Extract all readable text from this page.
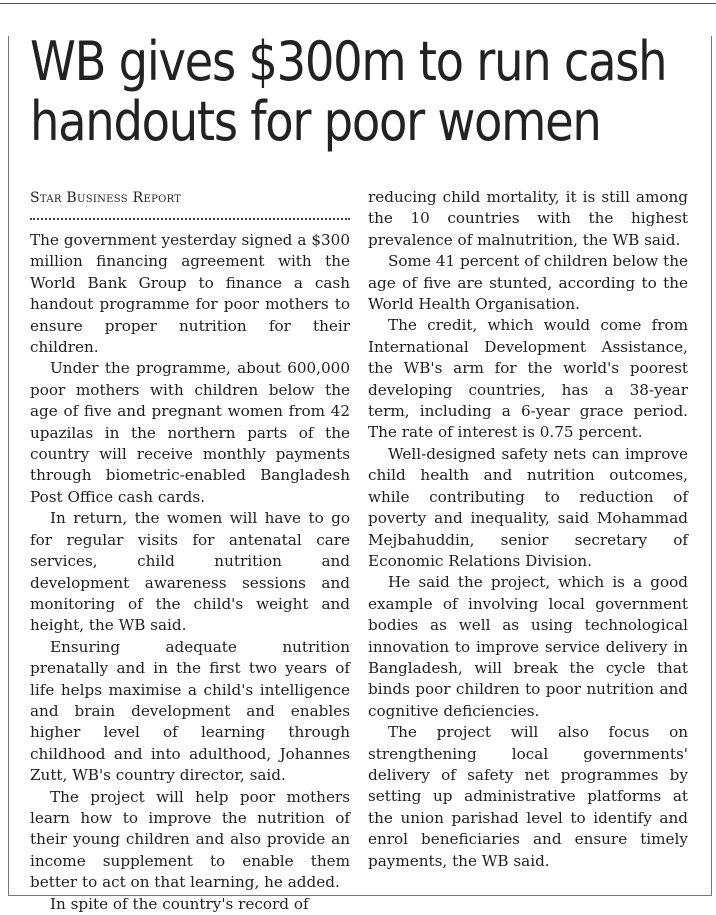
WB gives $300m to run cash
handouts for poor women
Star Business Report

The government yesterday signed a $300 million financing agreement with the World Bank Group to finance a cash handout programme for poor mothers to ensure proper nutrition for their children.

Under the programme, about 600,000 poor mothers with children below the age of five and pregnant women from 42 upazilas in the northern parts of the country will receive monthly payments through biometric-enabled Bangladesh Post Office cash cards.

In return, the women will have to go for regular visits for antenatal care services, child nutrition and development awareness sessions and monitoring of the child's weight and height, the WB said.

Ensuring adequate nutrition prenatally and in the first two years of life helps maximise a child's intelligence and brain development and enables higher level of learning through childhood and into adulthood, Johannes Zutt, WB's country director, said.

The project will help poor mothers learn how to improve the nutrition of their young children and also provide an income supplement to enable them better to act on that learning, he added.

In spite of the country's record of

reducing child mortality, it is still among the 10 countries with the highest prevalence of malnutrition, the WB said.

Some 41 percent of children below the age of five are stunted, according to the World Health Organisation.

The credit, which would come from International Development Assistance, the WB's arm for the world's poorest developing countries, has a 38-year term, including a 6-year grace period. The rate of interest is 0.75 percent.

Well-designed safety nets can improve child health and nutrition outcomes, while contributing to reduction of poverty and inequality, said Mohammad Mejbahuddin, senior secretary of Economic Relations Division.

He said the project, which is a good example of involving local government bodies as well as using technological innovation to improve service delivery in Bangladesh, will break the cycle that binds poor children to poor nutrition and cognitive deficiencies.

The project will also focus on strengthening local governments' delivery of safety net programmes by setting up administrative platforms at the union parishad level to identify and enrol beneficiaries and ensure timely payments, the WB said.
